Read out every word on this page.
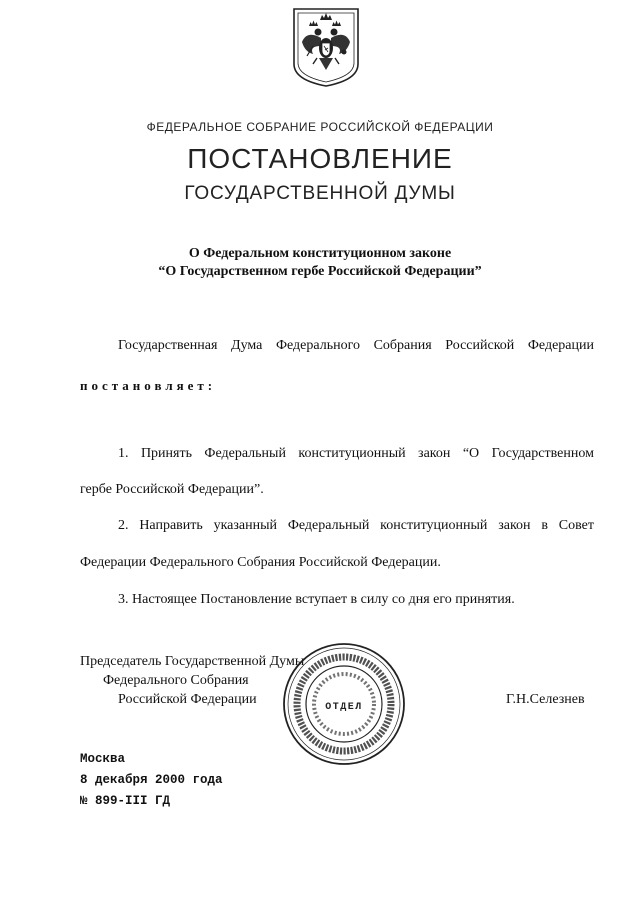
ФЕДЕРАЛЬНОЕ СОБРАНИЕ РОССИЙСКОЙ ФЕДЕРАЦИИ
ПОСТАНОВЛЕНИЕ
ГОСУДАРСТВЕННОЙ ДУМЫ
О Федеральном конституционном законе
“О Государственном гербе Российской Федерации”
Государственная Дума Федерального Собрания Российской Федерации
постановляет:
1. Принять Федеральный конституционный закон “О Государственном
гербе Российской Федерации”.
2. Направить указанный Федеральный конституционный закон в Совет
Федерации Федерального Собрания Российской Федерации.
3. Настоящее Постановление вступает в силу со дня его принятия.
Председатель Государственной Думы
Федерального Собрания
Российской Федерации	Г.Н.Селезнев
ОТДЕЛ
Москва
8 декабря 2000 года
№ 899-III ГД
